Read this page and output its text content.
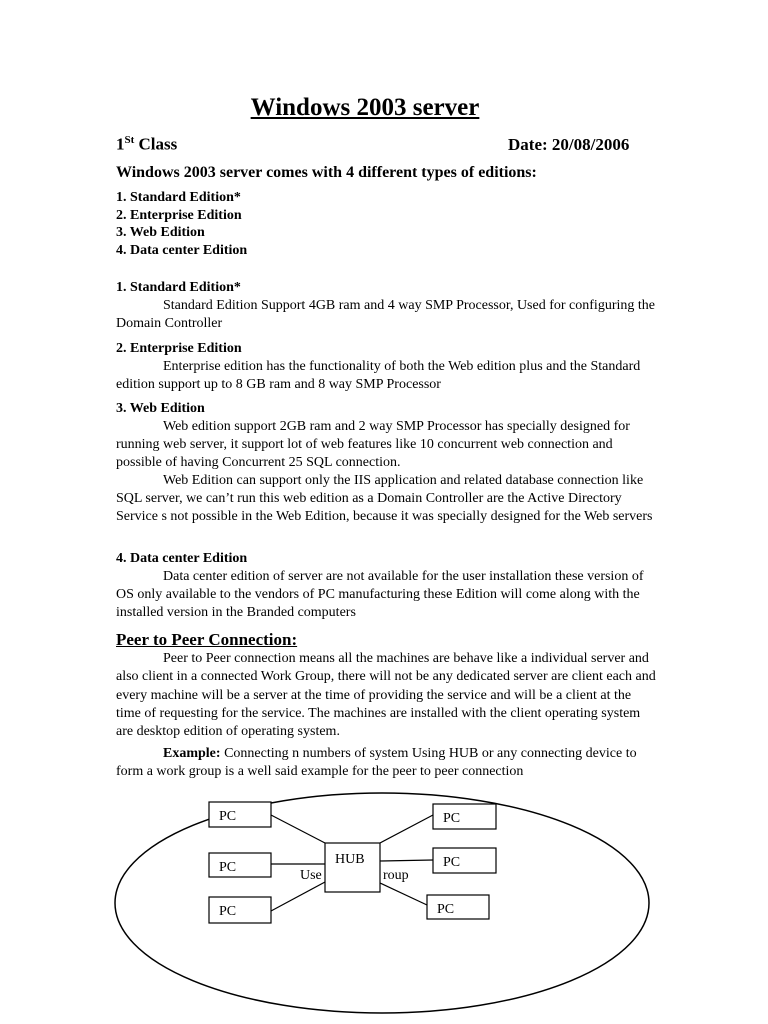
Windows 2003 server
1St Class	Date: 20/08/2006
Windows 2003 server comes with 4 different types of editions:
1. Standard Edition*
2. Enterprise Edition
3. Web Edition
4. Data center Edition
1. Standard Edition*

Standard Edition Support 4GB ram and 4 way SMP Processor, Used for configuring the Domain Controller

2. Enterprise Edition

Enterprise edition has the functionality of both the Web edition plus and the Standard edition support up to 8 GB ram and 8 way SMP Processor

3. Web Edition

Web edition support 2GB ram and 2 way SMP Processor has specially designed for running web server, it support lot of web features like 10 concurrent web connection and possible of having Concurrent 25 SQL connection.

Web Edition can support only the IIS application and related database connection like SQL server, we can’t run this web edition as a Domain Controller are the Active Directory Service s not possible in the Web Edition, because it was specially designed for the Web servers

4. Data center Edition

Data center edition of server are not available for the user installation these version of OS only available to the vendors of PC manufacturing these Edition will come along with the installed version in the Branded computers

Peer to Peer Connection:

Peer to Peer connection means all the machines are behave like a individual server and also client in a connected Work Group, there will not be any dedicated server are client each and every machine will be a server at the time of providing the service and will be a client at the time of requesting for the service. The machines are installed with the client operating system are desktop edition of operating system.

Example: Connecting n numbers of system Using HUB or any connecting device to form a work group is a well said example for the peer to peer connection

Use	roup
HUB
PC
PC
PC
PC
PC
PC
